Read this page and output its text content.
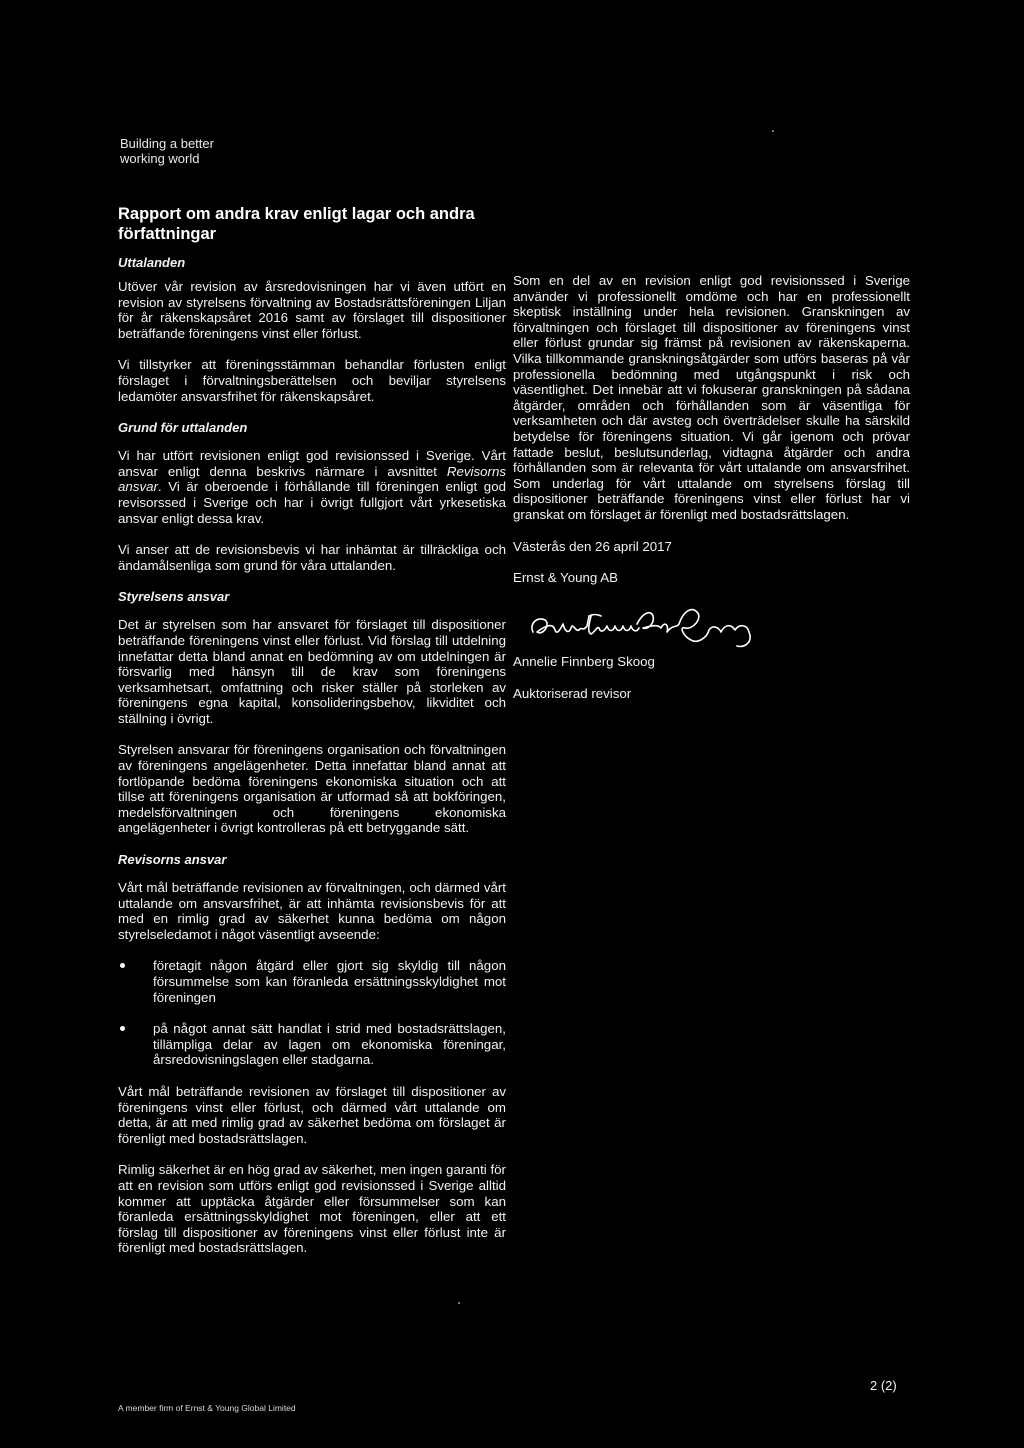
Building a better
working world
Rapport om andra krav enligt lagar och andra författningar
Uttalanden

Utöver vår revision av årsredovisningen har vi även utfört en revision av styrelsens förvaltning av Bostadsrättsföreningen Liljan för år räkenskapsåret 2016 samt av förslaget till dispositioner beträffande föreningens vinst eller förlust.

Vi tillstyrker att föreningsstämman behandlar förlusten enligt förslaget i förvaltningsberättelsen och beviljar styrelsens ledamöter ansvarsfrihet för räkenskapsåret.

Grund för uttalanden

Vi har utfört revisionen enligt god revisionssed i Sverige. Vårt ansvar enligt denna beskrivs närmare i avsnittet Revisorns ansvar. Vi är oberoende i förhållande till föreningen enligt god revisorssed i Sverige och har i övrigt fullgjort vårt yrkesetiska ansvar enligt dessa krav.

Vi anser att de revisionsbevis vi har inhämtat är tillräckliga och ändamålsenliga som grund för våra uttalanden.

Styrelsens ansvar

Det är styrelsen som har ansvaret för förslaget till dispositioner beträffande föreningens vinst eller förlust. Vid förslag till utdelning innefattar detta bland annat en bedömning av om utdelningen är försvarlig med hänsyn till de krav som föreningens verksamhetsart, omfattning och risker ställer på storleken av föreningens egna kapital, konsolideringsbehov, likviditet och ställning i övrigt.

Styrelsen ansvarar för föreningens organisation och förvaltningen av föreningens angelägenheter. Detta innefattar bland annat att fortlöpande bedöma föreningens ekonomiska situation och att tillse att föreningens organisation är utformad så att bokföringen, medelsförvaltningen och föreningens ekonomiska angelägenheter i övrigt kontrolleras på ett betryggande sätt.

Revisorns ansvar

Vårt mål beträffande revisionen av förvaltningen, och därmed vårt uttalande om ansvarsfrihet, är att inhämta revisionsbevis för att med en rimlig grad av säkerhet kunna bedöma om någon styrelseledamot i något väsentligt avseende:

företagit någon åtgärd eller gjort sig skyldig till någon försummelse som kan föranleda ersättningsskyldighet mot föreningen
på något annat sätt handlat i strid med bostadsrättslagen, tillämpliga delar av lagen om ekonomiska föreningar, årsredovisningslagen eller stadgarna.

Vårt mål beträffande revisionen av förslaget till dispositioner av föreningens vinst eller förlust, och därmed vårt uttalande om detta, är att med rimlig grad av säkerhet bedöma om förslaget är förenligt med bostadsrättslagen.

Rimlig säkerhet är en hög grad av säkerhet, men ingen garanti för att en revision som utförs enligt god revisionssed i Sverige alltid kommer att upptäcka åtgärder eller försummelser som kan föranleda ersättningsskyldighet mot föreningen, eller att ett förslag till dispositioner av föreningens vinst eller förlust inte är förenligt med bostadsrättslagen.

Som en del av en revision enligt god revisionssed i Sverige använder vi professionellt omdöme och har en professionellt skeptisk inställning under hela revisionen. Granskningen av förvaltningen och förslaget till dispositioner av föreningens vinst eller förlust grundar sig främst på revisionen av räkenskaperna. Vilka tillkommande granskningsåtgärder som utförs baseras på vår professionella bedömning med utgångspunkt i risk och väsentlighet. Det innebär att vi fokuserar granskningen på sådana åtgärder, områden och förhållanden som är väsentliga för verksamheten och där avsteg och överträdelser skulle ha särskild betydelse för föreningens situation. Vi går igenom och prövar fattade beslut, beslutsunderlag, vidtagna åtgärder och andra förhållanden som är relevanta för vårt uttalande om ansvarsfrihet. Som underlag för vårt uttalande om styrelsens förslag till dispositioner beträffande föreningens vinst eller förlust har vi granskat om förslaget är förenligt med bostadsrättslagen.

Västerås den 26 april 2017

Ernst & Young AB

Annelie Finnberg Skoog

Auktoriserad revisor

2 (2)
A member firm of Ernst & Young Global Limited
